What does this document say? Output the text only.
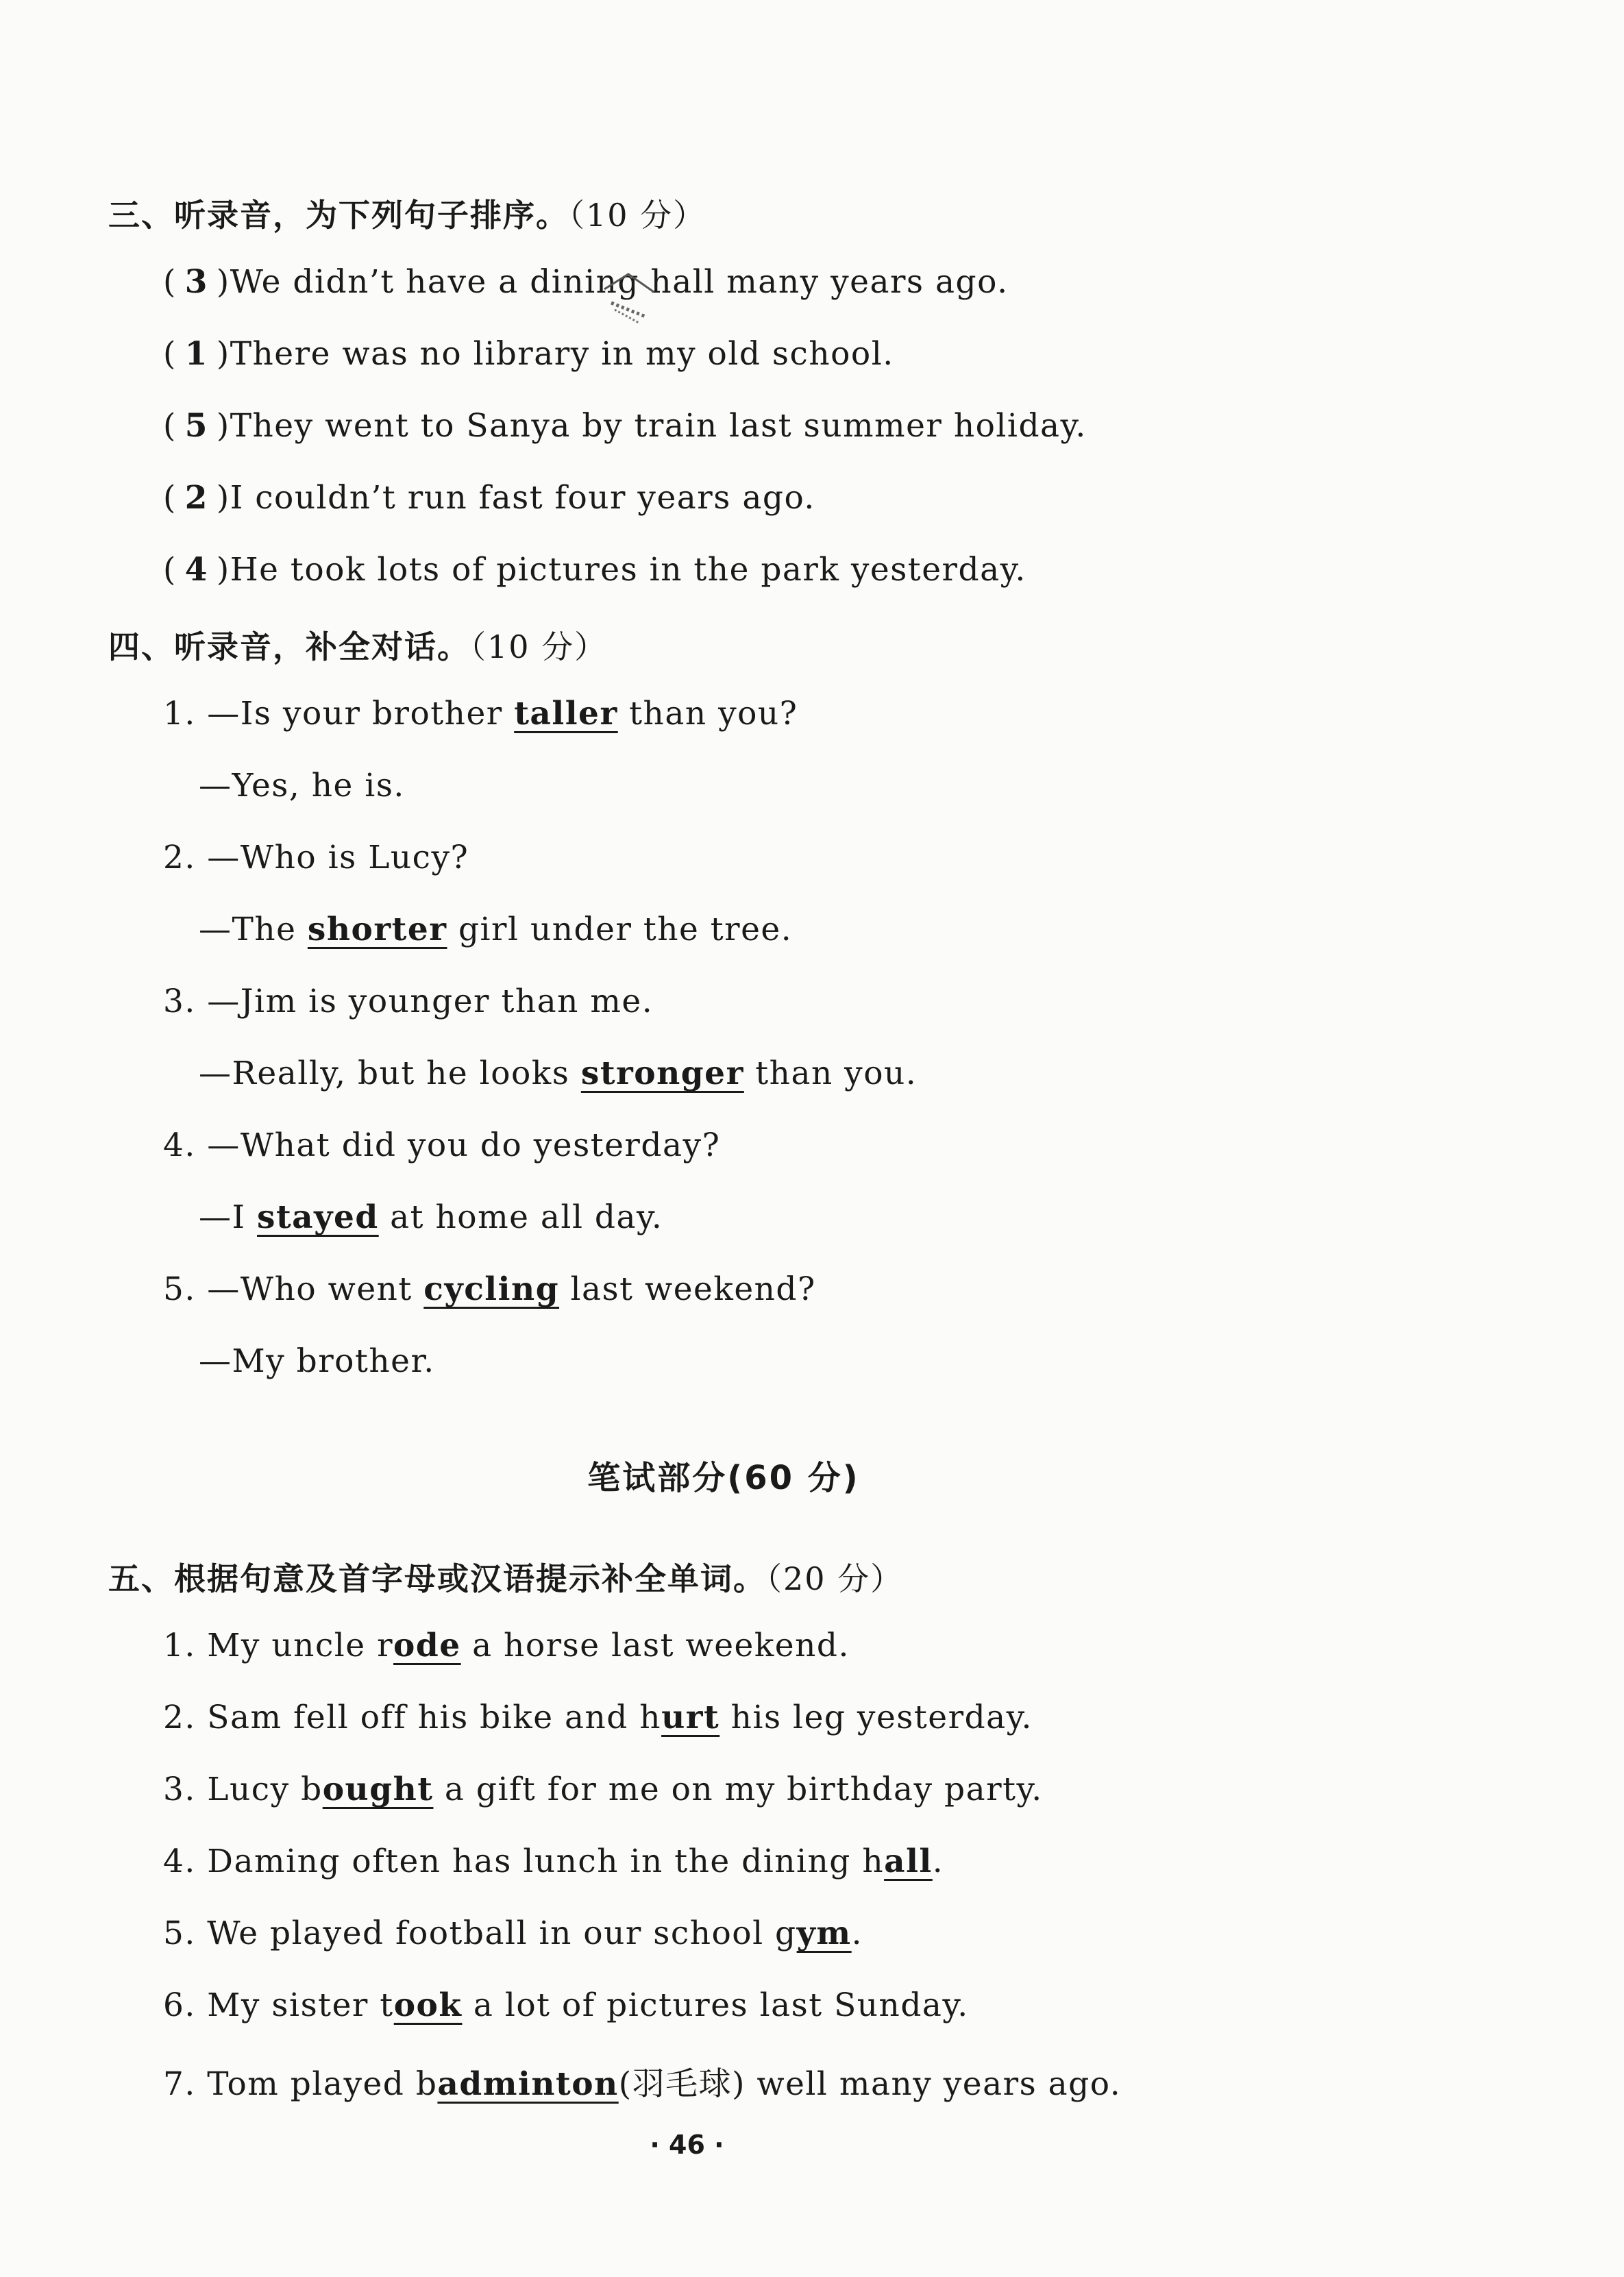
三、听录音，为下列句子排序。（10 分）
( 3 )We didn’t have a dining hall many years ago.
( 1 )There was no library in my old school.
( 5 )They went to Sanya by train last summer holiday.
( 2 )I couldn’t run fast four years ago.
( 4 )He took lots of pictures in the park yesterday.
四、听录音，补全对话。（10 分）
1. —Is your brother taller than you?
—Yes, he is.
2. —Who is Lucy?
—The shorter girl under the tree.
3. —Jim is younger than me.
—Really, but he looks stronger than you.
4. —What did you do yesterday?
—I stayed at home all day.
5. —Who went cycling last weekend?
—My brother.
笔试部分(60 分)
五、根据句意及首字母或汉语提示补全单词。（20 分）
1. My uncle rode a horse last weekend.
2. Sam fell off his bike and hurt his leg yesterday.
3. Lucy bought a gift for me on my birthday party.
4. Daming often has lunch in the dining hall.
5. We played football in our school gym.
6. My sister took a lot of pictures last Sunday.
7. Tom played badminton(羽毛球) well many years ago.
· 46 ·
